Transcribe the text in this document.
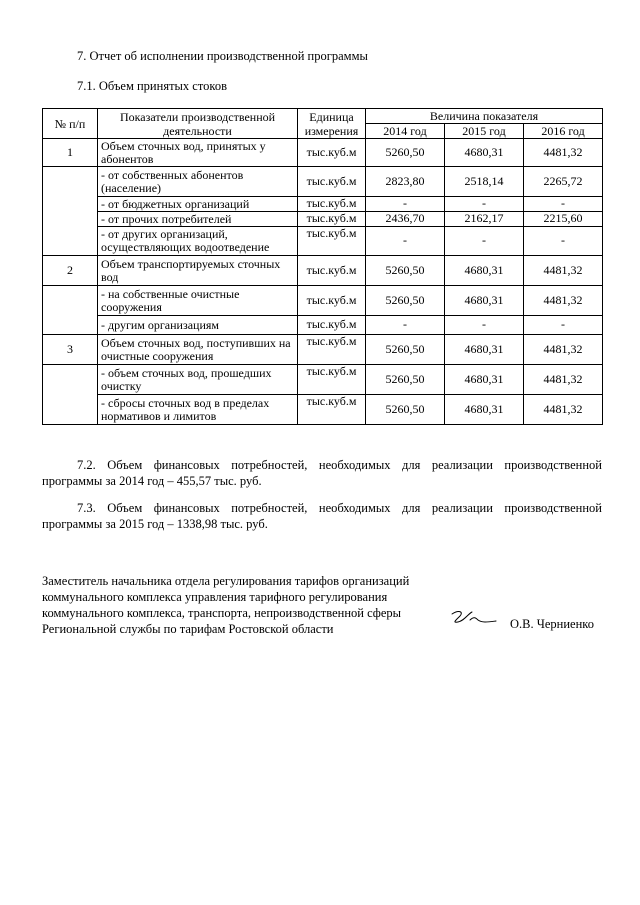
7. Отчет об исполнении производственной программы
7.1. Объем принятых стоков
№ п/п	Показатели производственной деятельности	Единица измерения	Величина показателя		
			2014 год	2015 год	2016 год
1	Объем сточных вод, принятых у абонентов	тыс.куб.м	5260,50	4680,31	4481,32
	- от собственных абонентов (население)	тыс.куб.м	2823,80	2518,14	2265,72
	- от бюджетных организаций	тыс.куб.м	-	-	-
	- от прочих потребителей	тыс.куб.м	2436,70	2162,17	2215,60
	- от других организаций, осуществляющих водоотведение	тыс.куб.м	-	-	-
2	Объем транспортируемых сточных вод	тыс.куб.м	5260,50	4680,31	4481,32
	- на собственные очистные сооружения	тыс.куб.м	5260,50	4680,31	4481,32
	- другим организациям	тыс.куб.м	-	-	-
3	Объем сточных вод, поступивших на очистные сооружения	тыс.куб.м	5260,50	4680,31	4481,32
	- объем сточных вод, прошедших очистку	тыс.куб.м	5260,50	4680,31	4481,32
	- сбросы сточных вод в пределах нормативов и лимитов	тыс.куб.м	5260,50	4680,31	4481,32

7.2. Объем финансовых потребностей, необходимых для реализации производственной программы за 2014 год – 455,57 тыс. руб.

7.3. Объем финансовых потребностей, необходимых для реализации производственной программы за 2015 год – 1338,98 тыс. руб.

Заместитель начальника отдела регулирования тарифов организаций
коммунального комплекса управления тарифного регулирования
коммунального комплекса, транспорта, непроизводственной сферы
Региональной службы по тарифам Ростовской области	О.В. Черниенко
